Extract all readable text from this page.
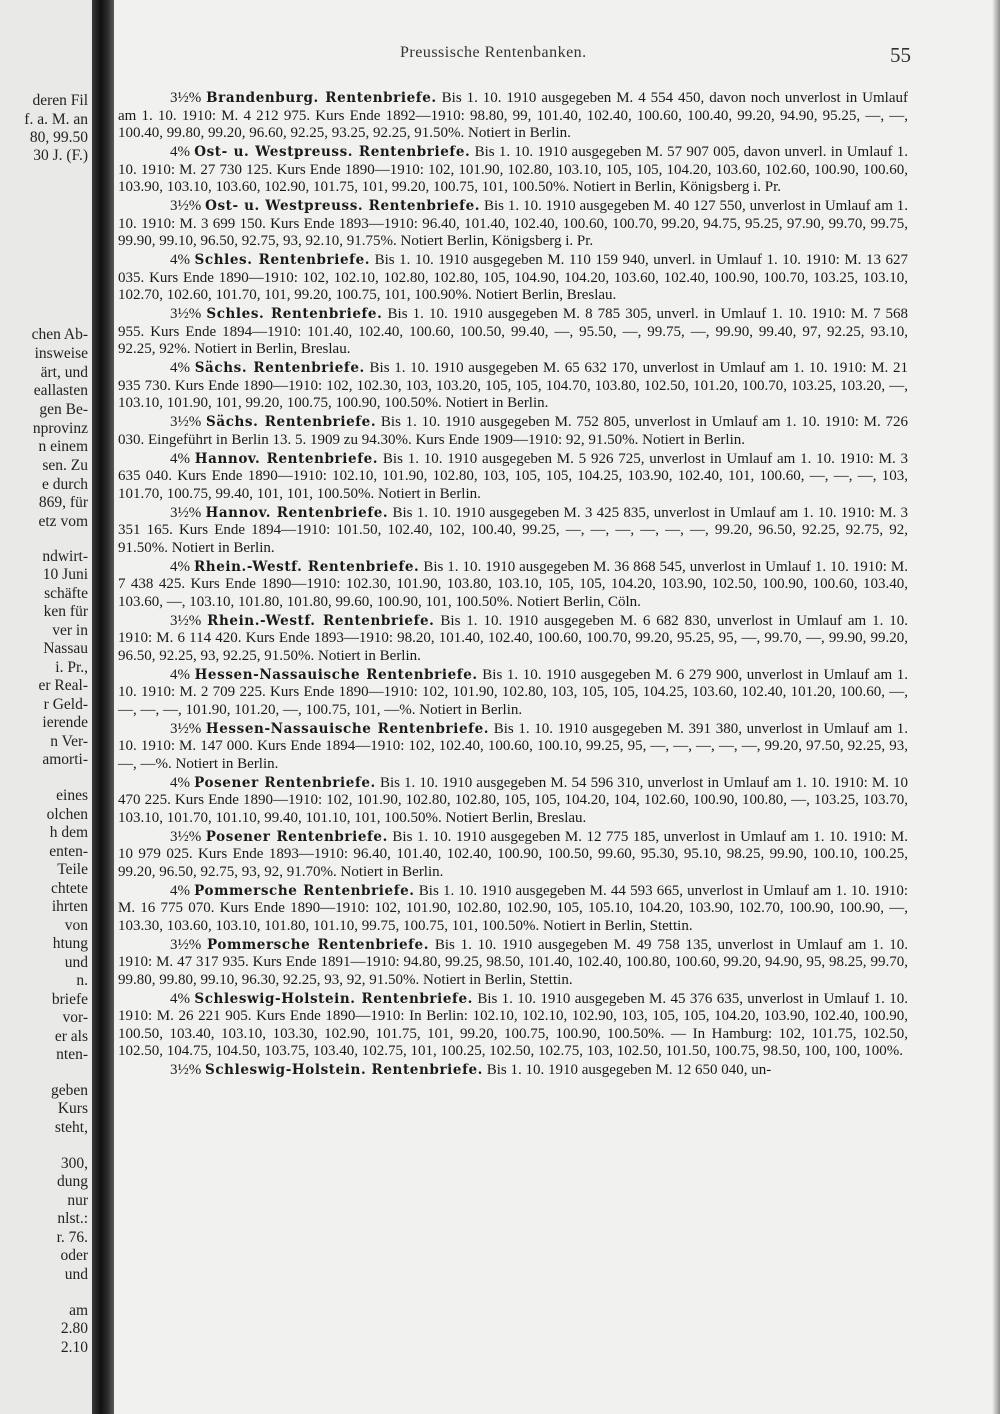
deren Fil
f. a. M. an
80, 99.50
30 J. (F.)
chen Ab-
insweise
ärt, und
eallasten
gen Be-
nprovinz
n einem
sen. Zu
e durch
869, für
etz vom
ndwirt-
10 Juni
schäfte
ken für
ver in
Nassau
i. Pr.,
er Real-
r Geld-
ierende
n Ver-
amorti-
eines
olchen
h dem
enten-
Teile
chtete
ihrten
von
htung
und
n.
briefe
vor-
er als
nten-
geben
Kurs
steht,
300,
dung
nur
nlst.:
r. 76.
oder
und
am
2.80
2.10
Preussische Rentenbanken.	55

3½% Brandenburg. Rentenbriefe. Bis 1. 10. 1910 ausgegeben M. 4 554 450, davon noch unverlost in Umlauf am 1. 10. 1910: M. 4 212 975. Kurs Ende 1892—1910: 98.80, 99, 101.40, 102.40, 100.60, 100.40, 99.20, 94.90, 95.25, —, —, 100.40, 99.80, 99.20, 96.60, 92.25, 93.25, 92.25, 91.50%. Notiert in Berlin.

4% Ost- u. Westpreuss. Rentenbriefe. Bis 1. 10. 1910 ausgegeben M. 57 907 005, davon unverl. in Umlauf 1. 10. 1910: M. 27 730 125. Kurs Ende 1890—1910: 102, 101.90, 102.80, 103.10, 105, 105, 104.20, 103.60, 102.60, 100.90, 100.60, 103.90, 103.10, 103.60, 102.90, 101.75, 101, 99.20, 100.75, 101, 100.50%. Notiert in Berlin, Königsberg i. Pr.

3½% Ost- u. Westpreuss. Rentenbriefe. Bis 1. 10. 1910 ausgegeben M. 40 127 550, unverlost in Umlauf am 1. 10. 1910: M. 3 699 150. Kurs Ende 1893—1910: 96.40, 101.40, 102.40, 100.60, 100.70, 99.20, 94.75, 95.25, 97.90, 99.70, 99.75, 99.90, 99.10, 96.50, 92.75, 93, 92.10, 91.75%. Notiert Berlin, Königsberg i. Pr.

4% Schles. Rentenbriefe. Bis 1. 10. 1910 ausgegeben M. 110 159 940, unverl. in Umlauf 1. 10. 1910: M. 13 627 035. Kurs Ende 1890—1910: 102, 102.10, 102.80, 102.80, 105, 104.90, 104.20, 103.60, 102.40, 100.90, 100.70, 103.25, 103.10, 102.70, 102.60, 101.70, 101, 99.20, 100.75, 101, 100.90%. Notiert Berlin, Breslau.

3½% Schles. Rentenbriefe. Bis 1. 10. 1910 ausgegeben M. 8 785 305, unverl. in Umlauf 1. 10. 1910: M. 7 568 955. Kurs Ende 1894—1910: 101.40, 102.40, 100.60, 100.50, 99.40, —, 95.50, —, 99.75, —, 99.90, 99.40, 97, 92.25, 93.10, 92.25, 92%. Notiert in Berlin, Breslau.

4% Sächs. Rentenbriefe. Bis 1. 10. 1910 ausgegeben M. 65 632 170, unverlost in Umlauf am 1. 10. 1910: M. 21 935 730. Kurs Ende 1890—1910: 102, 102.30, 103, 103.20, 105, 105, 104.70, 103.80, 102.50, 101.20, 100.70, 103.25, 103.20, —, 103.10, 101.90, 101, 99.20, 100.75, 100.90, 100.50%. Notiert in Berlin.

3½% Sächs. Rentenbriefe. Bis 1. 10. 1910 ausgegeben M. 752 805, unverlost in Umlauf am 1. 10. 1910: M. 726 030. Eingeführt in Berlin 13. 5. 1909 zu 94.30%. Kurs Ende 1909—1910: 92, 91.50%. Notiert in Berlin.

4% Hannov. Rentenbriefe. Bis 1. 10. 1910 ausgegeben M. 5 926 725, unverlost in Umlauf am 1. 10. 1910: M. 3 635 040. Kurs Ende 1890—1910: 102.10, 101.90, 102.80, 103, 105, 105, 104.25, 103.90, 102.40, 101, 100.60, —, —, —, 103, 101.70, 100.75, 99.40, 101, 101, 100.50%. Notiert in Berlin.

3½% Hannov. Rentenbriefe. Bis 1. 10. 1910 ausgegeben M. 3 425 835, unverlost in Umlauf am 1. 10. 1910: M. 3 351 165. Kurs Ende 1894—1910: 101.50, 102.40, 102, 100.40, 99.25, —, —, —, —, —, —, 99.20, 96.50, 92.25, 92.75, 92, 91.50%. Notiert in Berlin.

4% Rhein.-Westf. Rentenbriefe. Bis 1. 10. 1910 ausgegeben M. 36 868 545, unverlost in Umlauf 1. 10. 1910: M. 7 438 425. Kurs Ende 1890—1910: 102.30, 101.90, 103.80, 103.10, 105, 105, 104.20, 103.90, 102.50, 100.90, 100.60, 103.40, 103.60, —, 103.10, 101.80, 101.80, 99.60, 100.90, 101, 100.50%. Notiert Berlin, Cöln.

3½% Rhein.-Westf. Rentenbriefe. Bis 1. 10. 1910 ausgegeben M. 6 682 830, unverlost in Umlauf am 1. 10. 1910: M. 6 114 420. Kurs Ende 1893—1910: 98.20, 101.40, 102.40, 100.60, 100.70, 99.20, 95.25, 95, —, 99.70, —, 99.90, 99.20, 96.50, 92.25, 93, 92.25, 91.50%. Notiert in Berlin.

4% Hessen-Nassauische Rentenbriefe. Bis 1. 10. 1910 ausgegeben M. 6 279 900, unverlost in Umlauf am 1. 10. 1910: M. 2 709 225. Kurs Ende 1890—1910: 102, 101.90, 102.80, 103, 105, 105, 104.25, 103.60, 102.40, 101.20, 100.60, —, —, —, —, 101.90, 101.20, —, 100.75, 101, —%. Notiert in Berlin.

3½% Hessen-Nassauische Rentenbriefe. Bis 1. 10. 1910 ausgegeben M. 391 380, unverlost in Umlauf am 1. 10. 1910: M. 147 000. Kurs Ende 1894—1910: 102, 102.40, 100.60, 100.10, 99.25, 95, —, —, —, —, —, 99.20, 97.50, 92.25, 93, —, —%. Notiert in Berlin.

4% Posener Rentenbriefe. Bis 1. 10. 1910 ausgegeben M. 54 596 310, unverlost in Umlauf am 1. 10. 1910: M. 10 470 225. Kurs Ende 1890—1910: 102, 101.90, 102.80, 102.80, 105, 105, 104.20, 104, 102.60, 100.90, 100.80, —, 103.25, 103.70, 103.10, 101.70, 101.10, 99.40, 101.10, 101, 100.50%. Notiert Berlin, Breslau.

3½% Posener Rentenbriefe. Bis 1. 10. 1910 ausgegeben M. 12 775 185, unverlost in Umlauf am 1. 10. 1910: M. 10 979 025. Kurs Ende 1893—1910: 96.40, 101.40, 102.40, 100.90, 100.50, 99.60, 95.30, 95.10, 98.25, 99.90, 100.10, 100.25, 99.20, 96.50, 92.75, 93, 92, 91.70%. Notiert in Berlin.

4% Pommersche Rentenbriefe. Bis 1. 10. 1910 ausgegeben M. 44 593 665, unverlost in Umlauf am 1. 10. 1910: M. 16 775 070. Kurs Ende 1890—1910: 102, 101.90, 102.80, 102.90, 105, 105.10, 104.20, 103.90, 102.70, 100.90, 100.90, —, 103.30, 103.60, 103.10, 101.80, 101.10, 99.75, 100.75, 101, 100.50%. Notiert in Berlin, Stettin.

3½% Pommersche Rentenbriefe. Bis 1. 10. 1910 ausgegeben M. 49 758 135, unverlost in Umlauf am 1. 10. 1910: M. 47 317 935. Kurs Ende 1891—1910: 94.80, 99.25, 98.50, 101.40, 102.40, 100.80, 100.60, 99.20, 94.90, 95, 98.25, 99.70, 99.80, 99.80, 99.10, 96.30, 92.25, 93, 92, 91.50%. Notiert in Berlin, Stettin.

4% Schleswig-Holstein. Rentenbriefe. Bis 1. 10. 1910 ausgegeben M. 45 376 635, unverlost in Umlauf 1. 10. 1910: M. 26 221 905. Kurs Ende 1890—1910: In Berlin: 102.10, 102.10, 102.90, 103, 105, 105, 104.20, 103.90, 102.40, 100.90, 100.50, 103.40, 103.10, 103.30, 102.90, 101.75, 101, 99.20, 100.75, 100.90, 100.50%. — In Hamburg: 102, 101.75, 102.50, 102.50, 104.75, 104.50, 103.75, 103.40, 102.75, 101, 100.25, 102.50, 102.75, 103, 102.50, 101.50, 100.75, 98.50, 100, 100, 100%.

3½% Schleswig-Holstein. Rentenbriefe. Bis 1. 10. 1910 ausgegeben M. 12 650 040, un-
